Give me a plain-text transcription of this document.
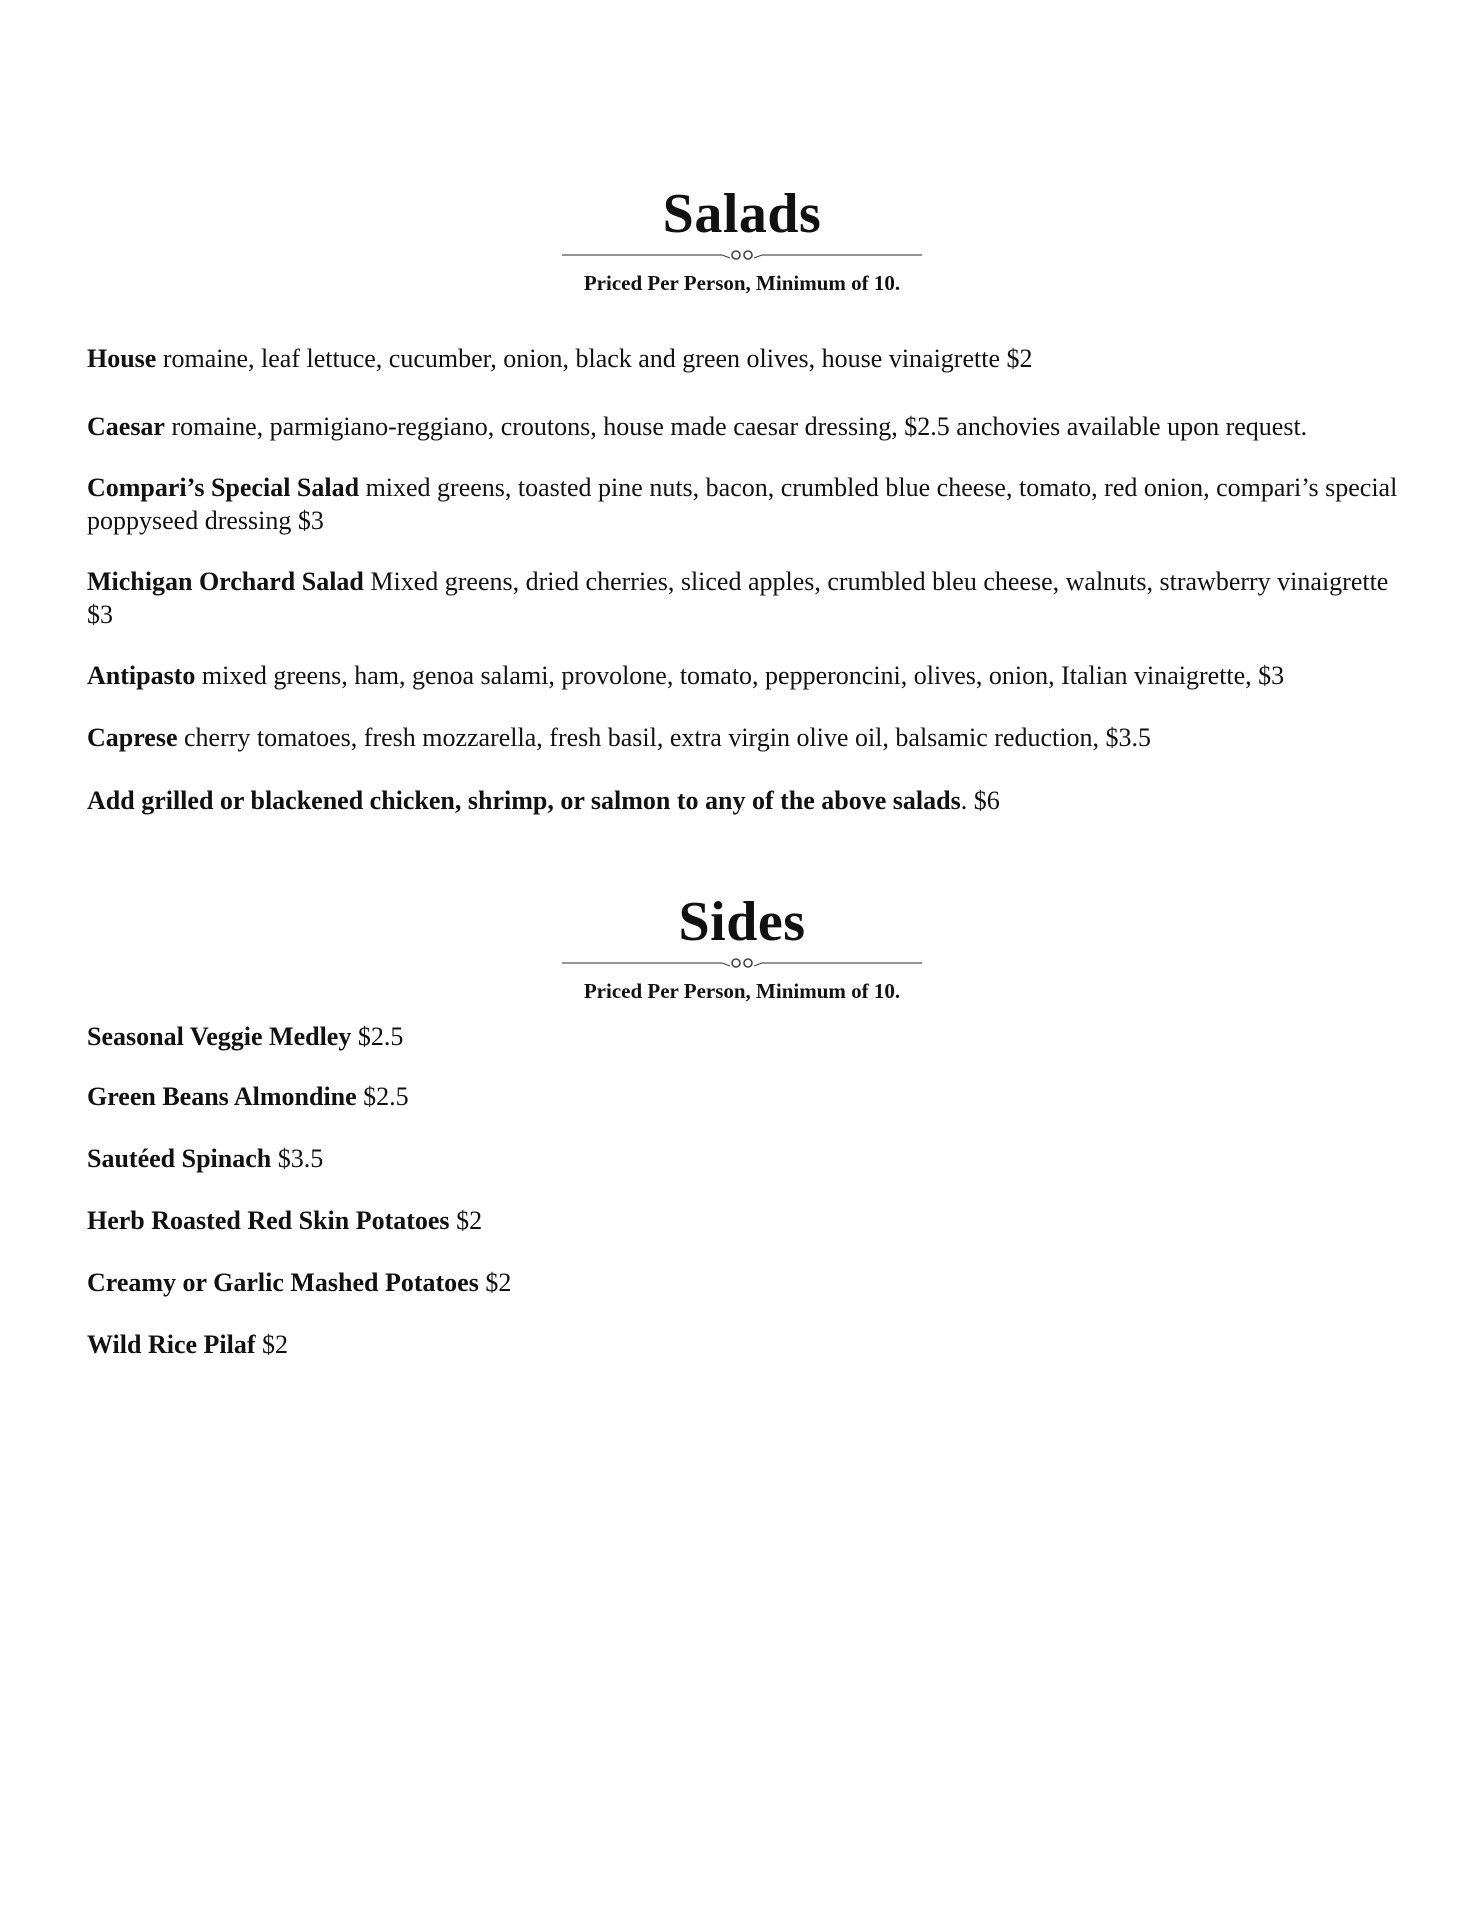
Salads
Priced Per Person, Minimum of 10.

House romaine, leaf lettuce, cucumber, onion, black and green olives, house vinaigrette $2

Caesar romaine, parmigiano-reggiano, croutons, house made caesar dressing, $2.5 anchovies available upon request.

Compari’s Special Salad mixed greens, toasted pine nuts, bacon, crumbled blue cheese, tomato, red onion, compari’s special poppyseed dressing $3

Michigan Orchard Salad Mixed greens, dried cherries, sliced apples, crumbled bleu cheese, walnuts, strawberry vinaigrette $3

Antipasto mixed greens, ham, genoa salami, provolone, tomato, pepperoncini, olives, onion, Italian vinaigrette, $3

Caprese cherry tomatoes, fresh mozzarella, fresh basil, extra virgin olive oil, balsamic reduction, $3.5

Add grilled or blackened chicken, shrimp, or salmon to any of the above salads. $6

Sides
Priced Per Person, Minimum of 10.

Seasonal Veggie Medley $2.5

Green Beans Almondine $2.5

Sautéed Spinach $3.5

Herb Roasted Red Skin Potatoes $2

Creamy or Garlic Mashed Potatoes $2

Wild Rice Pilaf $2
